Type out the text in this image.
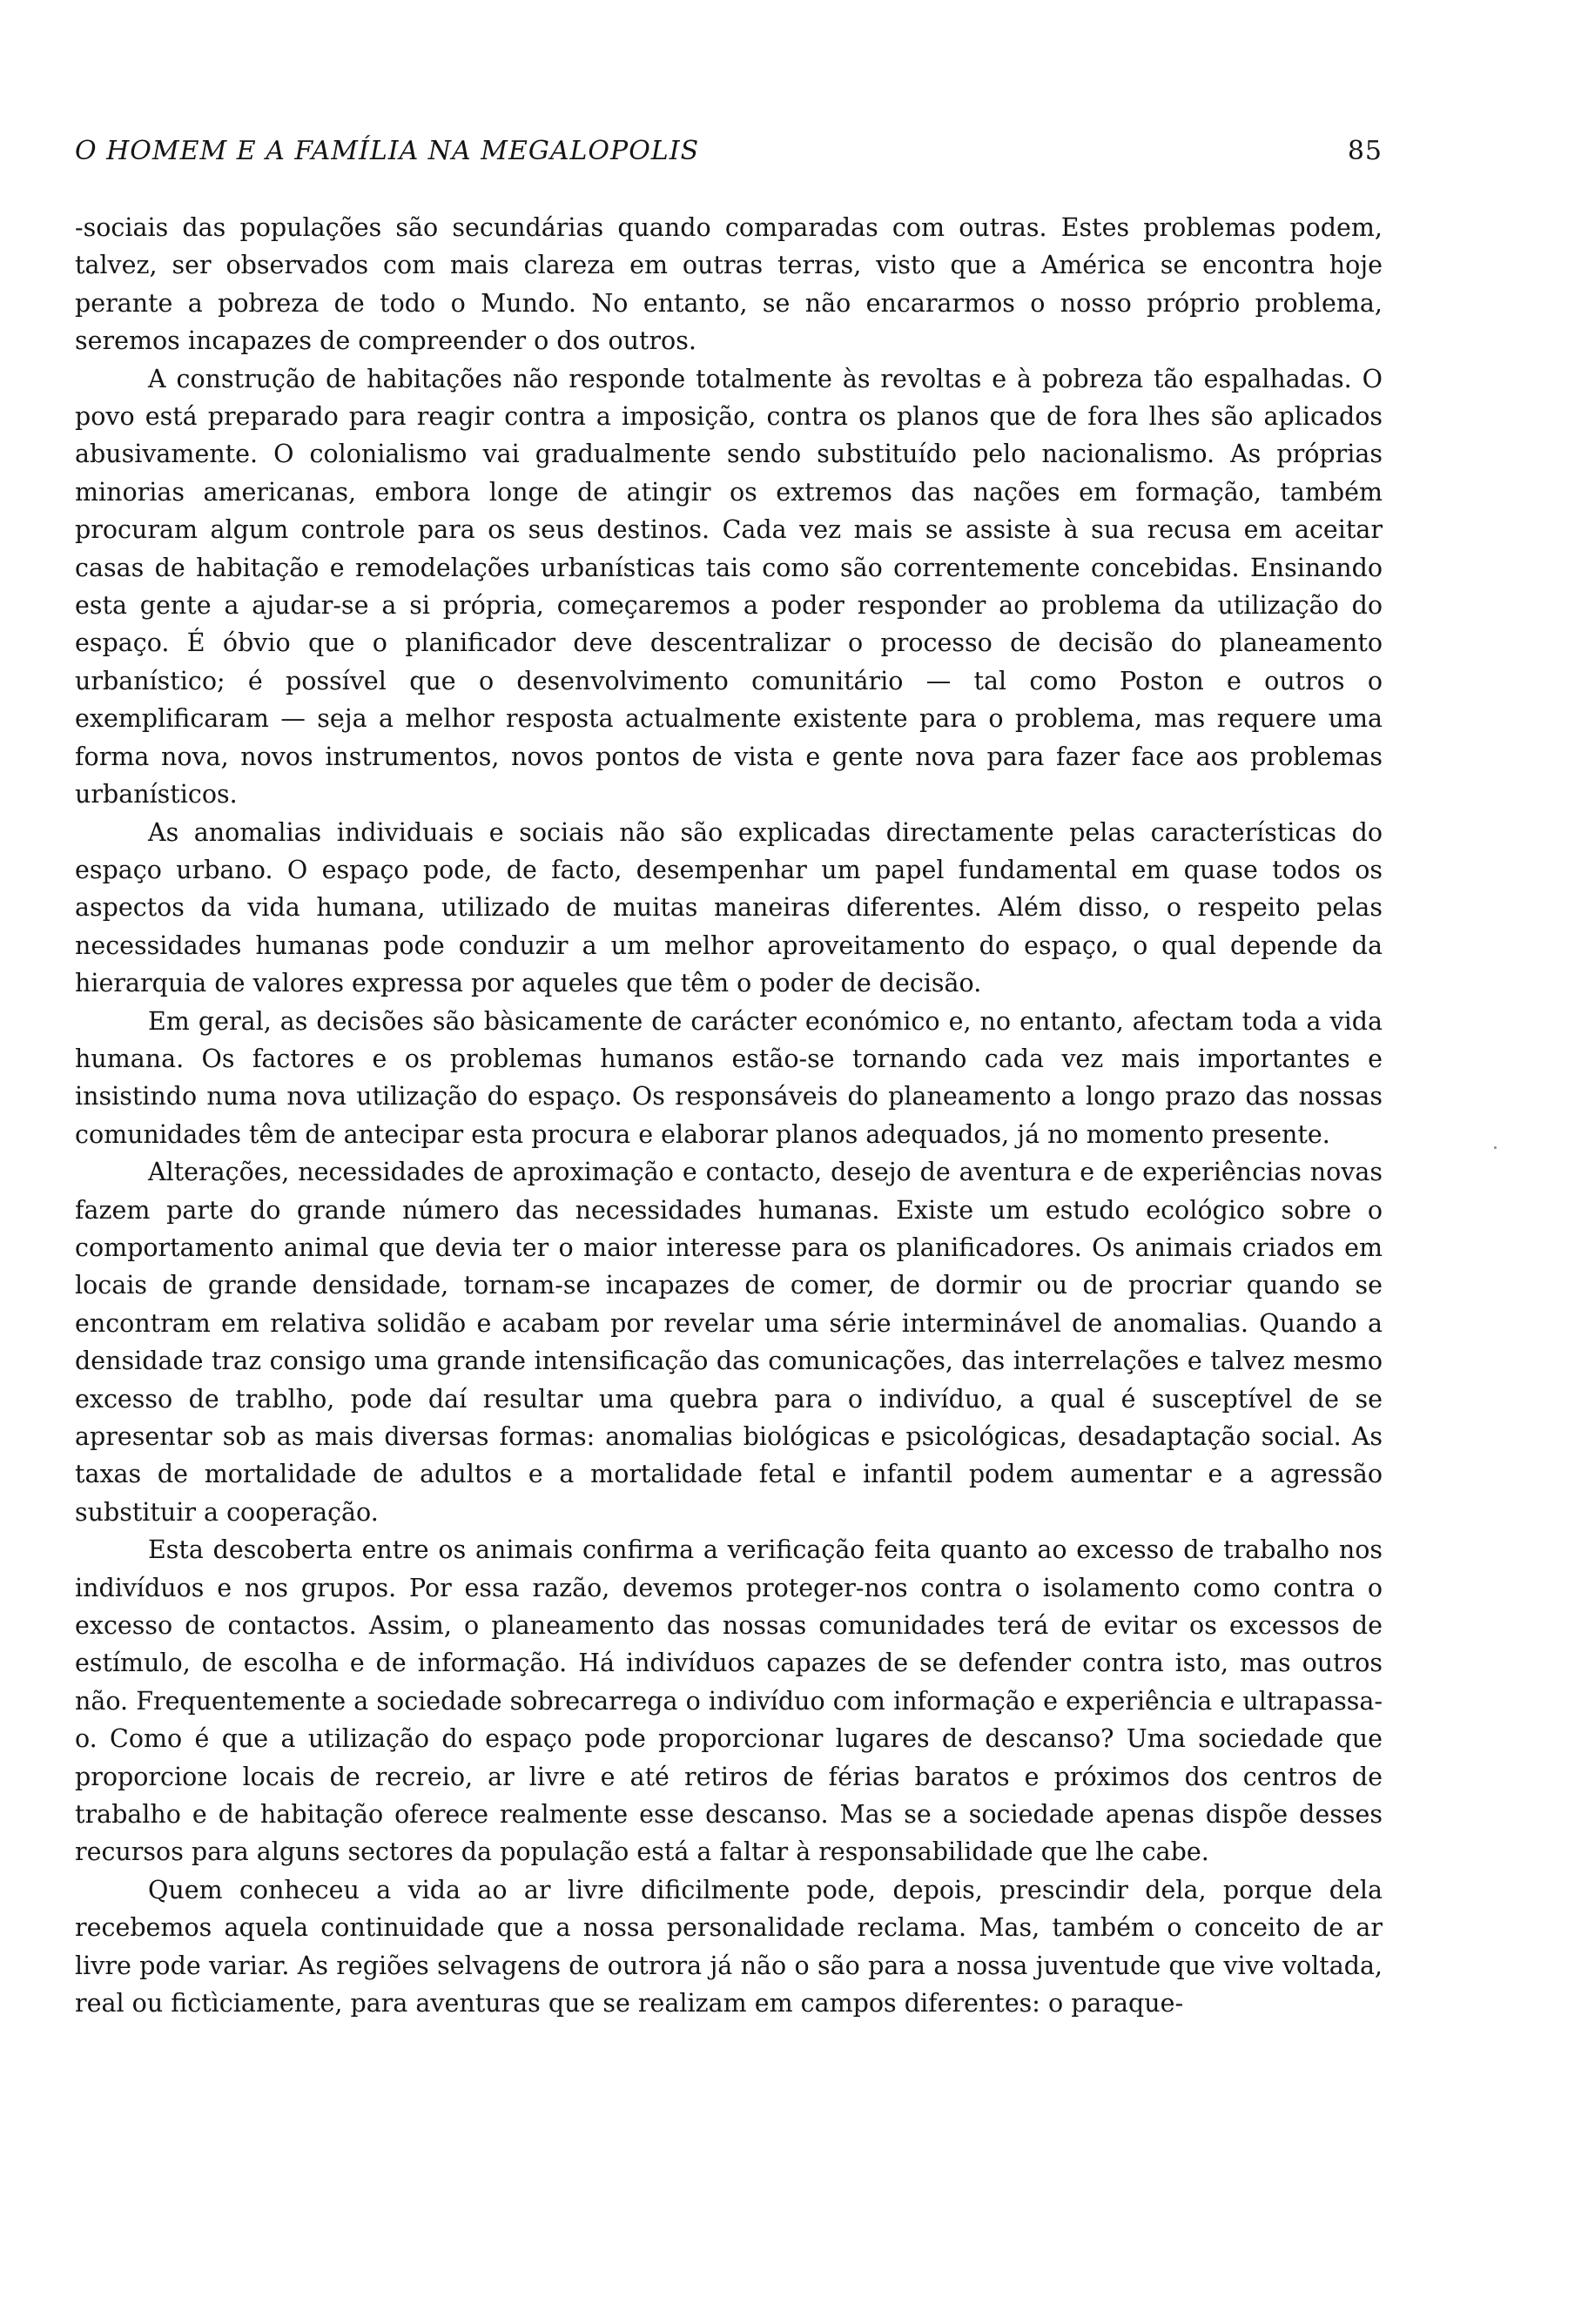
O HOMEM E A FAMÍLIA NA MEGALOPOLIS	85

-sociais das populações são secundárias quando comparadas com outras. Estes problemas podem, talvez, ser observados com mais clareza em outras terras, visto que a América se encontra hoje perante a pobreza de todo o Mundo. No entanto, se não encararmos o nosso próprio problema, seremos incapazes de compreender o dos outros.

A construção de habitações não responde totalmente às revoltas e à pobreza tão espalhadas. O povo está preparado para reagir contra a imposição, contra os planos que de fora lhes são aplicados abusivamente. O colonialismo vai gradualmente sendo substituído pelo nacionalismo. As próprias minorias americanas, embora longe de atingir os extremos das nações em formação, também procuram algum controle para os seus destinos. Cada vez mais se assiste à sua recusa em aceitar casas de habitação e remodelações urbanísticas tais como são correntemente concebidas. Ensinando esta gente a ajudar-se a si própria, começaremos a poder responder ao problema da utilização do espaço. É óbvio que o planificador deve descentralizar o processo de decisão do planeamento urbanístico; é possível que o desenvolvimento comunitário — tal como Poston e outros o exemplificaram — seja a melhor resposta actualmente existente para o problema, mas requere uma forma nova, novos instrumentos, novos pontos de vista e gente nova para fazer face aos problemas urbanísticos.

As anomalias individuais e sociais não são explicadas directamente pelas características do espaço urbano. O espaço pode, de facto, desempenhar um papel fundamental em quase todos os aspectos da vida humana, utilizado de muitas maneiras diferentes. Além disso, o respeito pelas necessidades humanas pode conduzir a um melhor aproveitamento do espaço, o qual depende da hierarquia de valores expressa por aqueles que têm o poder de decisão.

Em geral, as decisões são bàsicamente de carácter económico e, no entanto, afectam toda a vida humana. Os factores e os problemas humanos estão-se tornando cada vez mais importantes e insistindo numa nova utilização do espaço. Os responsáveis do planeamento a longo prazo das nossas comunidades têm de antecipar esta procura e elaborar planos adequados, já no momento presente.

Alterações, necessidades de aproximação e contacto, desejo de aventura e de experiências novas fazem parte do grande número das necessidades humanas. Existe um estudo ecológico sobre o comportamento animal que devia ter o maior interesse para os planificadores. Os animais criados em locais de grande densidade, tornam-se incapazes de comer, de dormir ou de procriar quando se encontram em relativa solidão e acabam por revelar uma série interminável de anomalias. Quando a densidade traz consigo uma grande intensificação das comunicações, das interrelações e talvez mesmo excesso de trablho, pode daí resultar uma quebra para o indivíduo, a qual é susceptível de se apresentar sob as mais diversas formas: anomalias biológicas e psicológicas, desadaptação social. As taxas de mortalidade de adultos e a mortalidade fetal e infantil podem aumentar e a agressão substituir a cooperação.

Esta descoberta entre os animais confirma a verificação feita quanto ao excesso de trabalho nos indivíduos e nos grupos. Por essa razão, devemos proteger-nos contra o isolamento como contra o excesso de contactos. Assim, o planeamento das nossas comunidades terá de evitar os excessos de estímulo, de escolha e de informação. Há indivíduos capazes de se defender contra isto, mas outros não. Frequentemente a sociedade sobrecarrega o indivíduo com informação e experiência e ultrapassa-o. Como é que a utilização do espaço pode proporcionar lugares de descanso? Uma sociedade que proporcione locais de recreio, ar livre e até retiros de férias baratos e próximos dos centros de trabalho e de habitação oferece realmente esse descanso. Mas se a sociedade apenas dispõe desses recursos para alguns sectores da população está a faltar à responsabilidade que lhe cabe.

Quem conheceu a vida ao ar livre dificilmente pode, depois, prescindir dela, porque dela recebemos aquela continuidade que a nossa personalidade reclama. Mas, também o conceito de ar livre pode variar. As regiões selvagens de outrora já não o são para a nossa juventude que vive voltada, real ou fictìciamente, para aventuras que se realizam em campos diferentes: o paraque-
